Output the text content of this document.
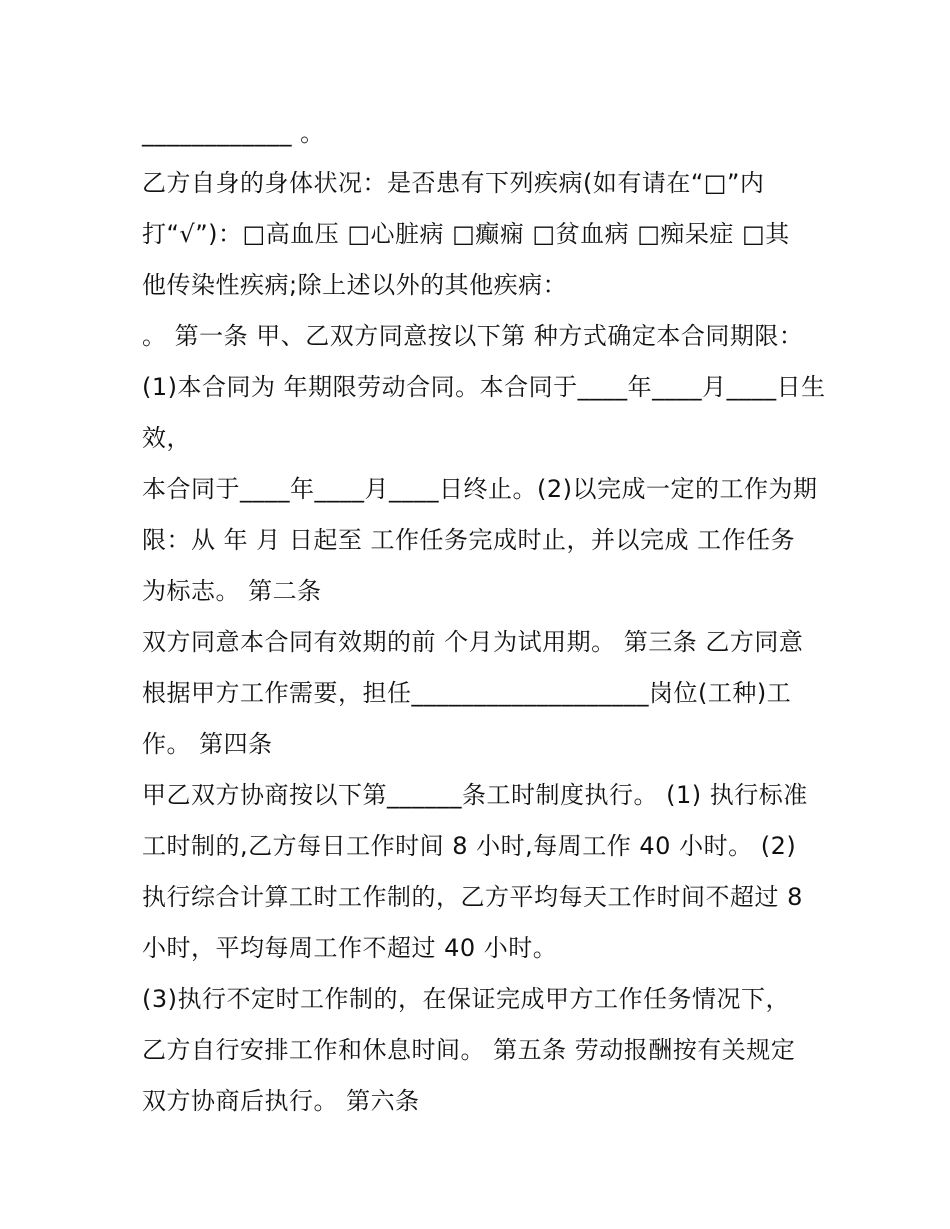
____________ 。
乙方自身的身体状况：是否患有下列疾病(如有请在“□”内
打“√”)：□高血压 □心脏病 □癫痫 □贫血病 □痴呆症 □其
他传染性疾病;除上述以外的其他疾病：
。 第一条 甲、乙双方同意按以下第 种方式确定本合同期限：
(1)本合同为 年期限劳动合同。本合同于____年____月____日生
效，
本合同于____年____月____日终止。(2)以完成一定的工作为期
限：从 年 月 日起至 工作任务完成时止，并以完成 工作任务
为标志。 第二条
双方同意本合同有效期的前 个月为试用期。 第三条 乙方同意
根据甲方工作需要，担任___________________岗位(工种)工
作。 第四条
甲乙双方协商按以下第______条工时制度执行。 (1) 执行标准
工时制的,乙方每日工作时间 8 小时,每周工作 40 小时。 (2)
执行综合计算工时工作制的，乙方平均每天工作时间不超过 8
小时，平均每周工作不超过 40 小时。
(3)执行不定时工作制的，在保证完成甲方工作任务情况下，
乙方自行安排工作和休息时间。 第五条 劳动报酬按有关规定
双方协商后执行。 第六条
